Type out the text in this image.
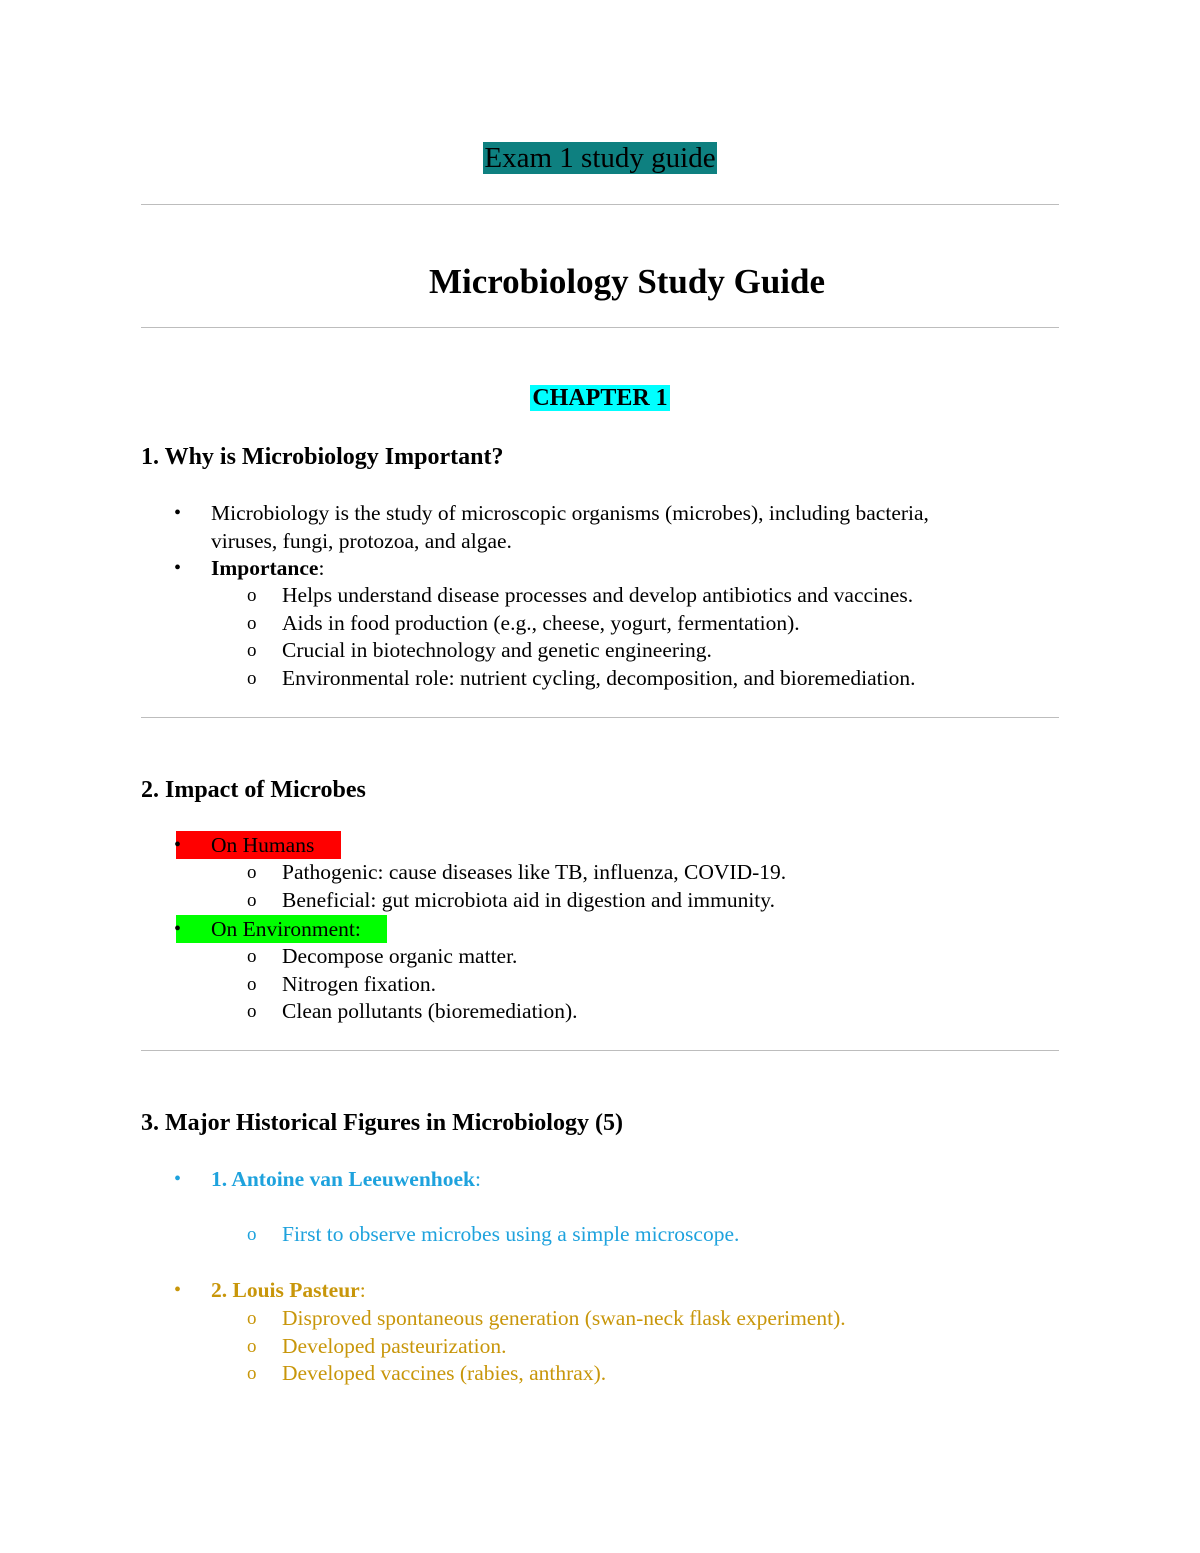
Exam 1 study guide
Microbiology Study Guide
CHAPTER 1
1. Why is Microbiology Important?
• Microbiology is the study of microscopic organisms (microbes), including bacteria,
viruses, fungi, protozoa, and algae.
• Importance:
o Helps understand disease processes and develop antibiotics and vaccines.
o Aids in food production (e.g., cheese, yogurt, fermentation).
o Crucial in biotechnology and genetic engineering.
o Environmental role: nutrient cycling, decomposition, and bioremediation.
2. Impact of Microbes
• On Humans
o Pathogenic: cause diseases like TB, influenza, COVID-19.
o Beneficial: gut microbiota aid in digestion and immunity.
• On Environment:
o Decompose organic matter.
o Nitrogen fixation.
o Clean pollutants (bioremediation).
3. Major Historical Figures in Microbiology (5)
• 1. Antoine van Leeuwenhoek:
o First to observe microbes using a simple microscope.
• 2. Louis Pasteur:
o Disproved spontaneous generation (swan-neck flask experiment).
o Developed pasteurization.
o Developed vaccines (rabies, anthrax).
